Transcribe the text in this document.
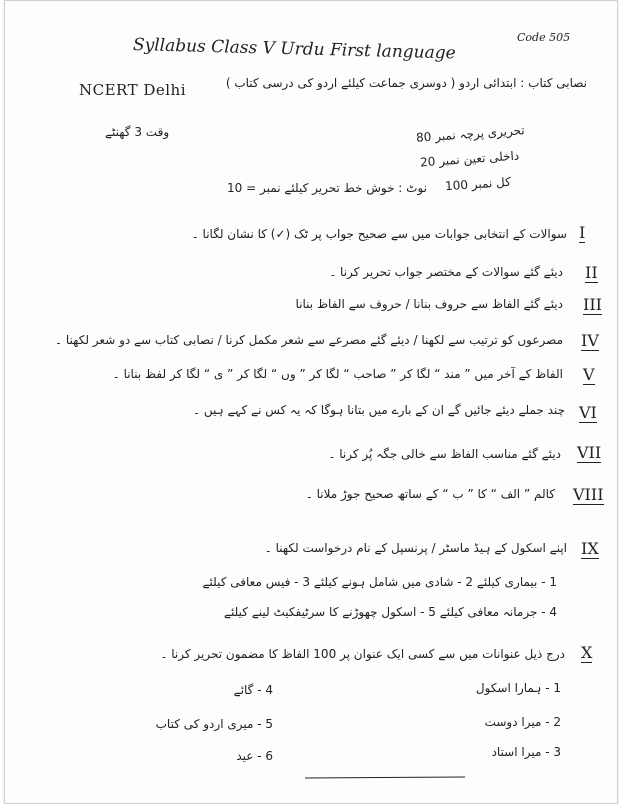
Code 505
Syllabus Class V Urdu First language
نصابی کتاب : ابتدائی اردو ( دوسری جماعت کیلئے اردو کی درسی کتاب )
NCERT Delhi
وقت 3 گھنٹے	تحریری پرچہ نمبر 80
داخلی تعین نمبر 20
کل نمبر 100
نوٹ : خوش خط تحریر کیلئے نمبر = 10
I
سوالات کے انتخابی جوابات میں سے صحیح جواب پر ٹک (✓) کا نشان لگانا ۔
II
دیئے گئے سوالات کے مختصر جواب تحریر کرنا ۔
III
دیئے گئے الفاظ سے حروف بنانا / حروف سے الفاظ بنانا
IV
مصرعوں کو ترتیب سے لکھنا / دیئے گئے مصرعے سے شعر مکمل کرنا / نصابی کتاب سے دو شعر لکھنا ۔
V
الفاظ کے آخر میں ” مند “ لگا کر ” صاحب “ لگا کر ” وں “ لگا کر ” ی “ لگا کر لفظ بنانا ۔
VI
چند جملے دیئے جائیں گے ان کے بارے میں بتانا ہوگا کہ یہ کس نے کہے ہیں ۔
VII
دیئے گئے مناسب الفاظ سے خالی جگہ پُر کرنا ۔
VIII
کالم ” الف “ کا ” ب “ کے ساتھ صحیح جوڑ ملانا ۔
IX
اپنے اسکول کے ہیڈ ماسٹر / پرنسپل کے نام درخواست لکھنا ۔
1 - بیماری کیلئے 2 - شادی میں شامل ہونے کیلئے 3 - فیس معافی کیلئے
4 - جرمانہ معافی کیلئے 5 - اسکول چھوڑنے کا سرٹیفکیٹ لینے کیلئے
X
درج ذیل عنوانات میں سے کسی ایک عنوان پر 100 الفاظ کا مضمون تحریر کرنا ۔
1 - ہمارا اسکول
2 - میرا دوست
3 - میرا استاد
4 - گائے
5 - میری اردو کی کتاب
6 - عید
